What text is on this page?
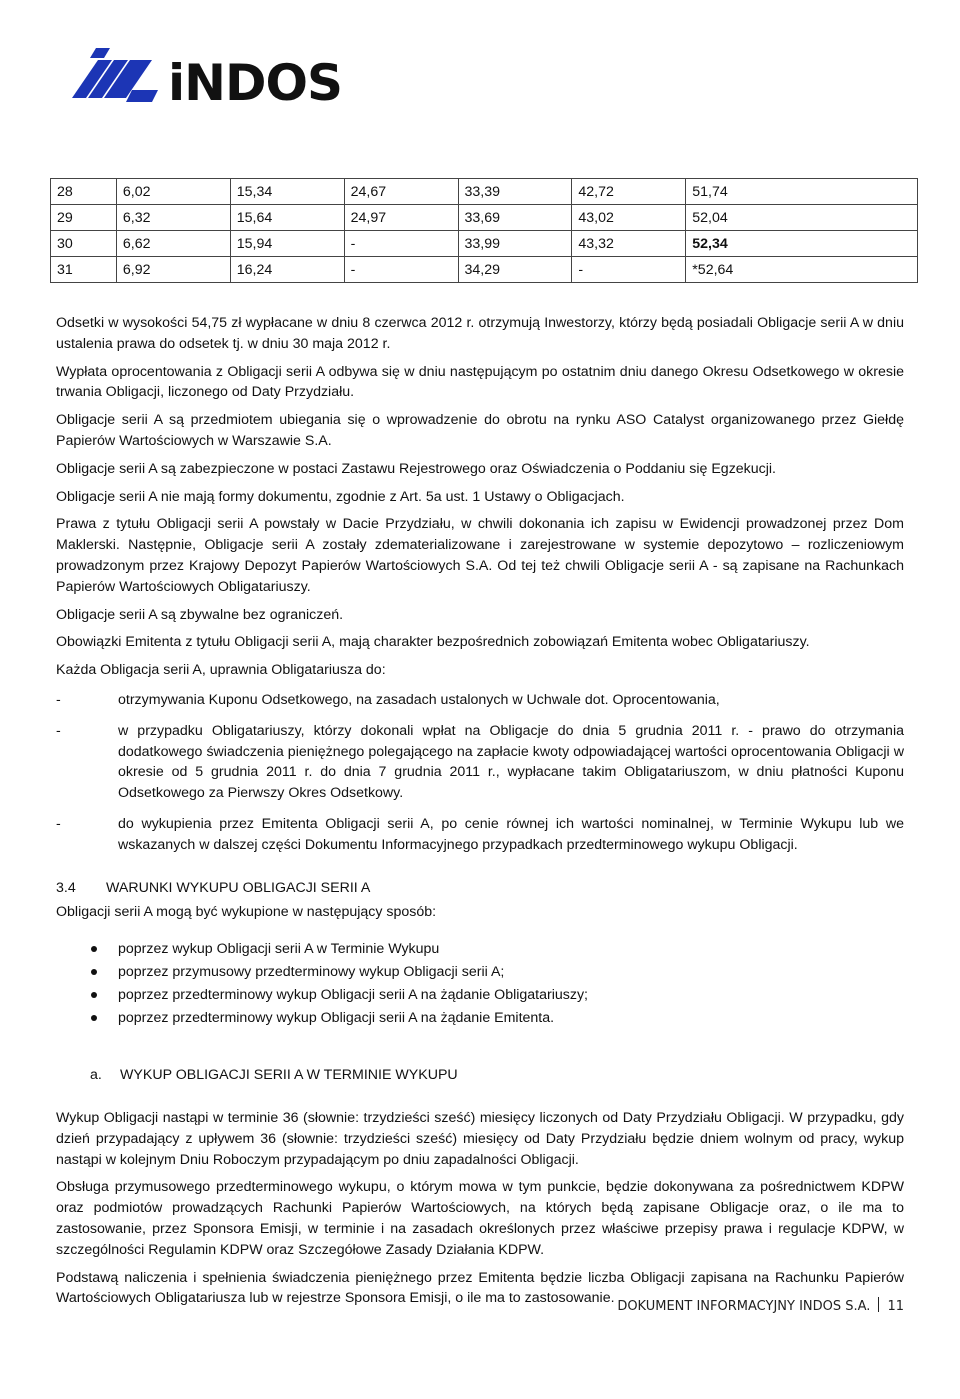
iNDOS
28	6,02	15,34	24,67	33,39	42,72	51,74
29	6,32	15,64	24,97	33,69	43,02	52,04
30	6,62	15,94	-	33,99	43,32	52,34
31	6,92	16,24	-	34,29	-	*52,64

Odsetki w wysokości 54,75 zł wypłacane w dniu 8 czerwca 2012 r. otrzymują Inwestorzy, którzy będą posiadali Obligacje serii A w dniu ustalenia prawa do odsetek tj. w dniu 30 maja 2012 r.

Wypłata oprocentowania z Obligacji serii A odbywa się w dniu następującym po ostatnim dniu danego Okresu Odsetkowego w okresie trwania Obligacji, liczonego od Daty Przydziału.

Obligacje serii A są przedmiotem ubiegania się o wprowadzenie do obrotu na rynku ASO Catalyst organizowanego przez Giełdę Papierów Wartościowych w Warszawie S.A.

Obligacje serii A są zabezpieczone w postaci Zastawu Rejestrowego oraz Oświadczenia o Poddaniu się Egzekucji.

Obligacje serii A nie mają formy dokumentu, zgodnie z Art. 5a ust. 1 Ustawy o Obligacjach.

Prawa z tytułu Obligacji serii A powstały w Dacie Przydziału, w chwili dokonania ich zapisu w Ewidencji prowadzonej przez Dom Maklerski. Następnie, Obligacje serii A zostały zdematerializowane i zarejestrowane w systemie depozytowo – rozliczeniowym prowadzonym przez Krajowy Depozyt Papierów Wartościowych S.A. Od tej też chwili Obligacje serii A - są zapisane na Rachunkach Papierów Wartościowych Obligatariuszy.

Obligacje serii A są zbywalne bez ograniczeń.

Obowiązki Emitenta z tytułu Obligacji serii A, mają charakter bezpośrednich zobowiązań Emitenta wobec Obligatariuszy.

Każda Obligacja serii A, uprawnia Obligatariusza do:

-	otrzymywania Kuponu Odsetkowego, na zasadach ustalonych w Uchwale dot. Oprocentowania,
-	w przypadku Obligatariuszy, którzy dokonali wpłat na Obligacje do dnia 5 grudnia 2011 r. - prawo do otrzymania dodatkowego świadczenia pieniężnego polegającego na zapłacie kwoty odpowiadającej wartości oprocentowania Obligacji w okresie od 5 grudnia 2011 r. do dnia 7 grudnia 2011 r., wypłacane takim Obligatariuszom, w dniu płatności Kuponu Odsetkowego za Pierwszy Okres Odsetkowy.
-	do wykupienia przez Emitenta Obligacji serii A, po cenie równej ich wartości nominalnej, w Terminie Wykupu lub we wskazanych w dalszej części Dokumentu Informacyjnego przypadkach przedterminowego wykupu Obligacji.
3.4	WARUNKI WYKUPU OBLIGACJI SERII A

Obligacji serii A mogą być wykupione w następujący sposób:

poprzez wykup Obligacji serii A w Terminie Wykupu
poprzez przymusowy przedterminowy wykup Obligacji serii A;
poprzez przedterminowy wykup Obligacji serii A na żądanie Obligatariuszy;
poprzez przedterminowy wykup Obligacji serii A na żądanie Emitenta.
a.	WYKUP OBLIGACJI SERII A W TERMINIE WYKUPU

Wykup Obligacji nastąpi w terminie 36 (słownie: trzydzieści sześć) miesięcy liczonych od Daty Przydziału Obligacji. W przypadku, gdy dzień przypadający z upływem 36 (słownie: trzydzieści sześć) miesięcy od Daty Przydziału będzie dniem wolnym od pracy, wykup nastąpi w kolejnym Dniu Roboczym przypadającym po dniu zapadalności Obligacji.

Obsługa przymusowego przedterminowego wykupu, o którym mowa w tym punkcie, będzie dokonywana za pośrednictwem KDPW oraz podmiotów prowadzących Rachunki Papierów Wartościowych, na których będą zapisane Obligacje oraz, o ile ma to zastosowanie, przez Sponsora Emisji, w terminie i na zasadach określonych przez właściwe przepisy prawa i regulacje KDPW, w szczególności Regulamin KDPW oraz Szczegółowe Zasady Działania KDPW.

Podstawą naliczenia i spełnienia świadczenia pieniężnego przez Emitenta będzie liczba Obligacji zapisana na Rachunku Papierów Wartościowych Obligatariusza lub w rejestrze Sponsora Emisji, o ile ma to zastosowanie.

DOKUMENT INFORMACYJNY INDOS S.A. 11
